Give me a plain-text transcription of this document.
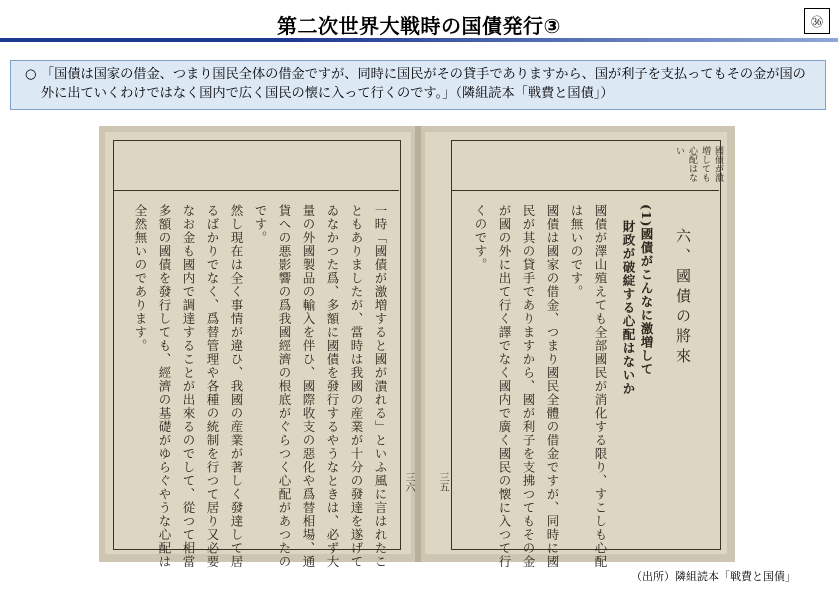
第二次世界大戦時の国債発行③	㊱
○ 「国債は国家の借金、つまり国民全体の借金ですが、同時に国民がその貸手でありますから、国が利子を支払ってもその金が国の外に出ていくわけではなく国内で広く国民の懐に入って行くのです。」（隣組読本「戦費と国債」）
一時「國債が激増すると國が潰れる」といふ風に言はれたこ
ともありましたが、當時は我國の産業が十分の發達を遂げて
ゐなかつた爲、多額に國債を發行するやうなときは、必ず大
量の外國製品の輸入を伴ひ、國際收支の惡化や爲替相場、通
貨への悪影響の爲我國經濟の根底がぐらつく心配があつたの
です。
然し現在は全く事情が違ひ、我國の産業が著しく發達して居
るばかりでなく、爲替管理や各種の統制を行つて居り又必要
なお金も國内で調達することが出來るのでして、從つて相當
多額の國債を發行しても、經濟の基礎がゆらぐやうな心配は
全然無いのであります。
三六
國債が激増しても心配はない
六、國債の將來
(1)國債がこんなに激増して
財政が破綻する心配はないか
國債が澤山殖えても全部國民が消化する限り、すこしも心配
は無いのです。
國債は國家の借金、つまり國民全體の借金ですが、同時に國
民が其の貸手でありますから、國が利子を支拂つてもその金
が國の外に出て行く譯でなく國内で廣く國民の懐に入つて行
くのです。
三五
（出所）隣組読本「戦費と国債」
